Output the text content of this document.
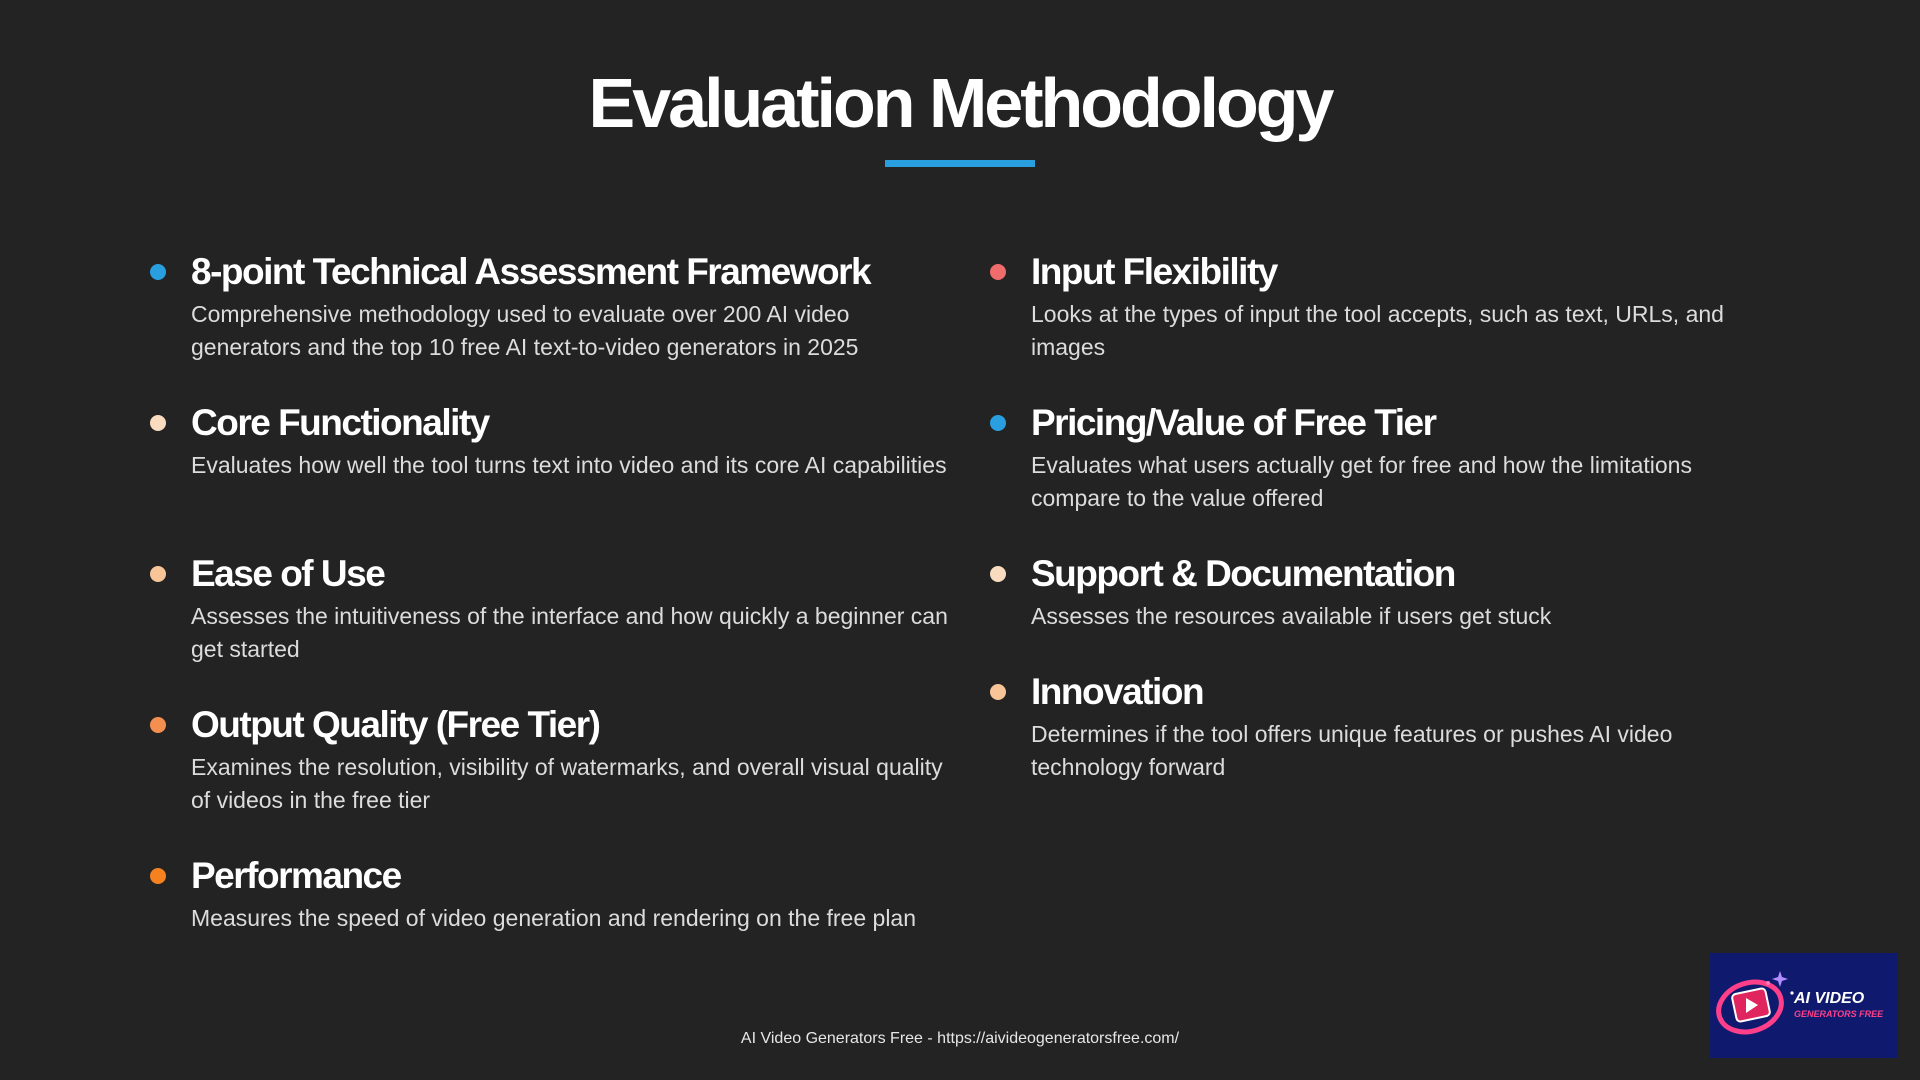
Evaluation Methodology
8-point Technical Assessment Framework
Comprehensive methodology used to evaluate over 200 AI video generators and the top 10 free AI text-to-video generators in 2025
Core Functionality
Evaluates how well the tool turns text into video and its core AI capabilities
Ease of Use
Assesses the intuitiveness of the interface and how quickly a beginner can get started
Output Quality (Free Tier)
Examines the resolution, visibility of watermarks, and overall visual quality of videos in the free tier
Performance
Measures the speed of video generation and rendering on the free plan
Input Flexibility
Looks at the types of input the tool accepts, such as text, URLs, and images
Pricing/Value of Free Tier
Evaluates what users actually get for free and how the limitations compare to the value offered
Support & Documentation
Assesses the resources available if users get stuck
Innovation
Determines if the tool offers unique features or pushes AI video technology forward
AI Video Generators Free - https://aivideogeneratorsfree.com/
AI VIDEO
GENERATORS FREE
